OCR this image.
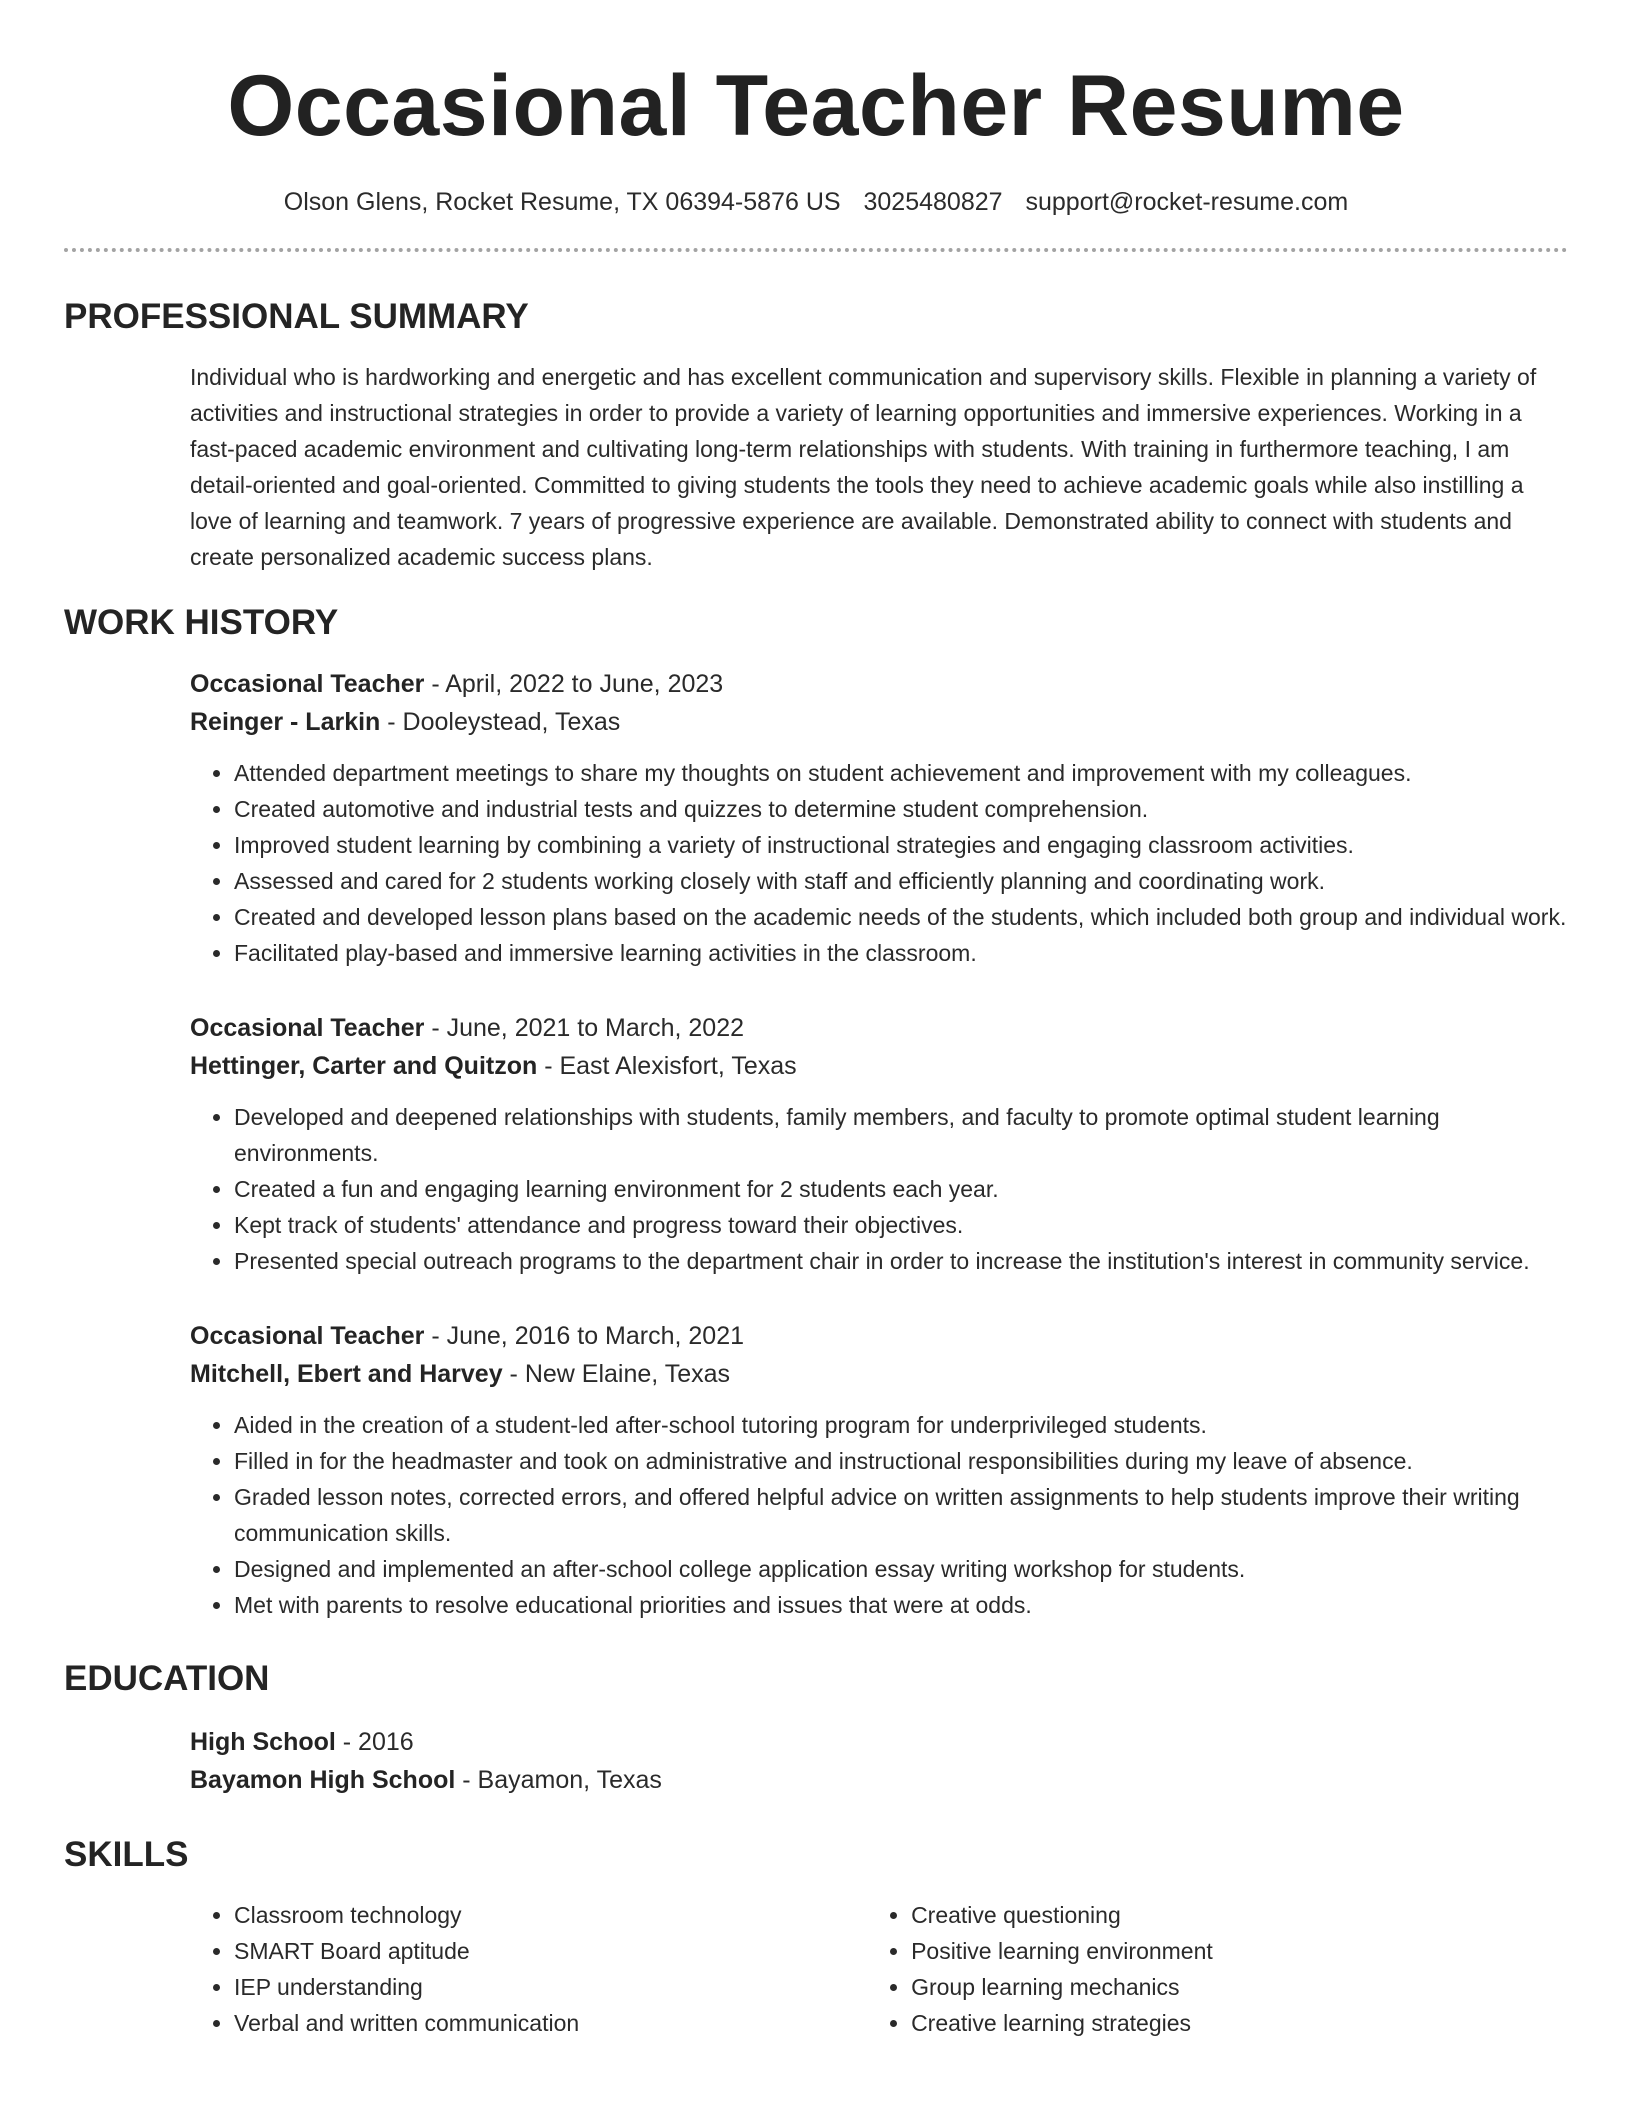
Occasional Teacher Resume
Olson Glens, Rocket Resume, TX 06394-5876 US 3025480827 support@rocket-resume.com
PROFESSIONAL SUMMARY

Individual who is hardworking and energetic and has excellent communication and supervisory skills. Flexible in planning a variety of activities and instructional strategies in order to provide a variety of learning opportunities and immersive experiences. Working in a fast-paced academic environment and cultivating long-term relationships with students. With training in furthermore teaching, I am detail-oriented and goal-oriented. Committed to giving students the tools they need to achieve academic goals while also instilling a love of learning and teamwork. 7 years of progressive experience are available. Demonstrated ability to connect with students and create personalized academic success plans.

WORK HISTORY
Occasional Teacher - April, 2022 to June, 2023
Reinger - Larkin - Dooleystead, Texas
• Attended department meetings to share my thoughts on student achievement and improvement with my colleagues.
• Created automotive and industrial tests and quizzes to determine student comprehension.
• Improved student learning by combining a variety of instructional strategies and engaging classroom activities.
• Assessed and cared for 2 students working closely with staff and efficiently planning and coordinating work.
• Created and developed lesson plans based on the academic needs of the students, which included both group and individual work.
• Facilitated play-based and immersive learning activities in the classroom.
Occasional Teacher - June, 2021 to March, 2022
Hettinger, Carter and Quitzon - East Alexisfort, Texas
• Developed and deepened relationships with students, family members, and faculty to promote optimal student learning environments.
• Created a fun and engaging learning environment for 2 students each year.
• Kept track of students' attendance and progress toward their objectives.
• Presented special outreach programs to the department chair in order to increase the institution's interest in community service.
Occasional Teacher - June, 2016 to March, 2021
Mitchell, Ebert and Harvey - New Elaine, Texas
• Aided in the creation of a student-led after-school tutoring program for underprivileged students.
• Filled in for the headmaster and took on administrative and instructional responsibilities during my leave of absence.
• Graded lesson notes, corrected errors, and offered helpful advice on written assignments to help students improve their writing communication skills.
• Designed and implemented an after-school college application essay writing workshop for students.
• Met with parents to resolve educational priorities and issues that were at odds.
EDUCATION
High School - 2016
Bayamon High School - Bayamon, Texas
SKILLS
• Classroom technology
• SMART Board aptitude
• IEP understanding
• Verbal and written communication
• Creative questioning
• Positive learning environment
• Group learning mechanics
• Creative learning strategies
